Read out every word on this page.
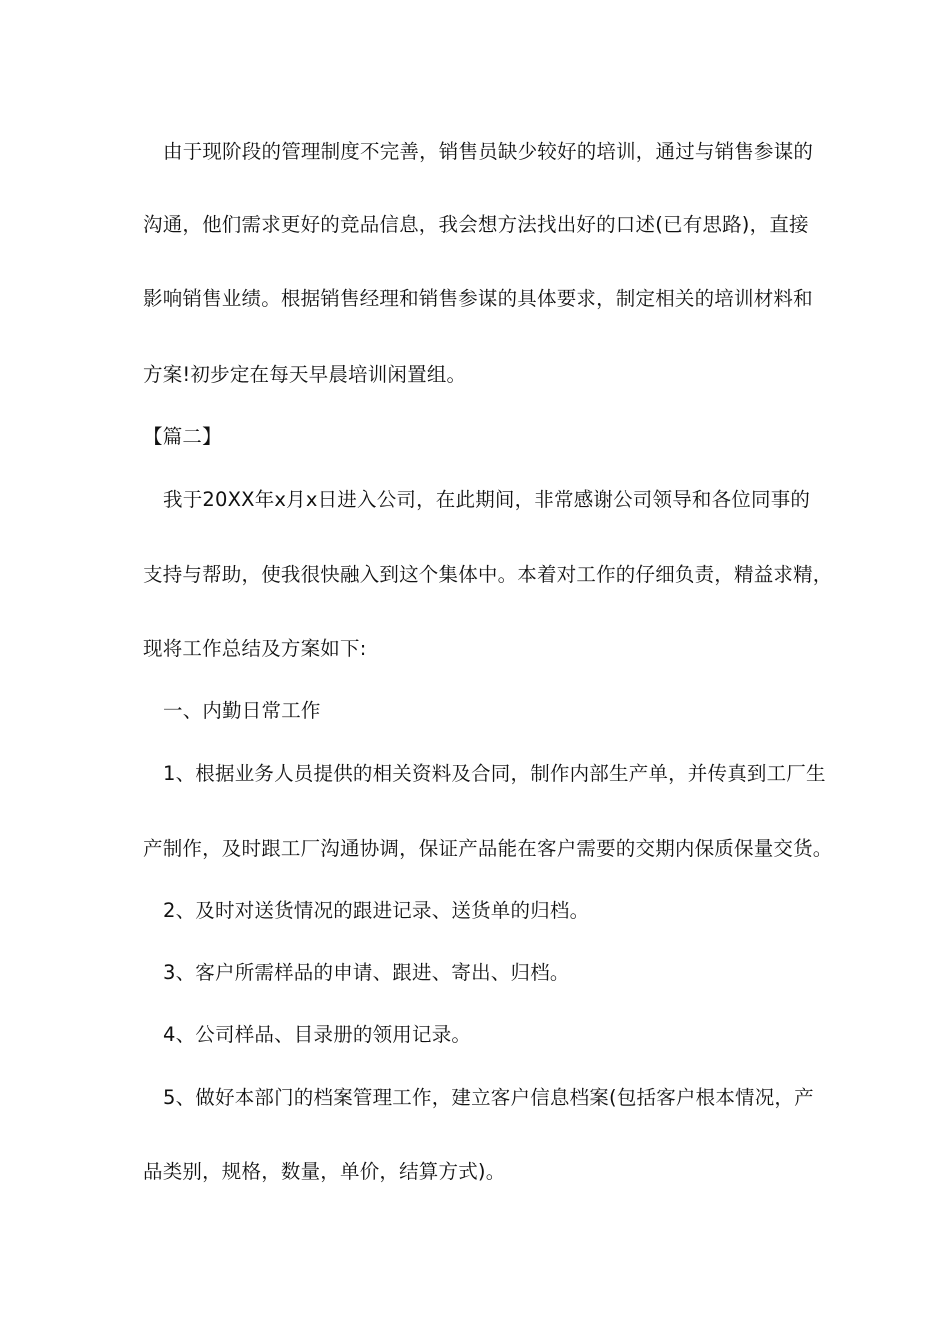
由于现阶段的管理制度不完善，销售员缺少较好的培训，通过与销售参谋的
沟通，他们需求更好的竞品信息，我会想方法找出好的口述(已有思路)，直接
影响销售业绩。根据销售经理和销售参谋的具体要求，制定相关的培训材料和
方案!初步定在每天早晨培训闲置组。
【篇二】
我于20XX年x月x日进入公司，在此期间，非常感谢公司领导和各位同事的
支持与帮助，使我很快融入到这个集体中。本着对工作的仔细负责，精益求精，
现将工作总结及方案如下:
一、内勤日常工作
1、根据业务人员提供的相关资料及合同，制作内部生产单，并传真到工厂生
产制作，及时跟工厂沟通协调，保证产品能在客户需要的交期内保质保量交货。
2、及时对送货情况的跟进记录、送货单的归档。
3、客户所需样品的申请、跟进、寄出、归档。
4、公司样品、目录册的领用记录。
5、做好本部门的档案管理工作，建立客户信息档案(包括客户根本情况，产
品类别，规格，数量，单价，结算方式)。
